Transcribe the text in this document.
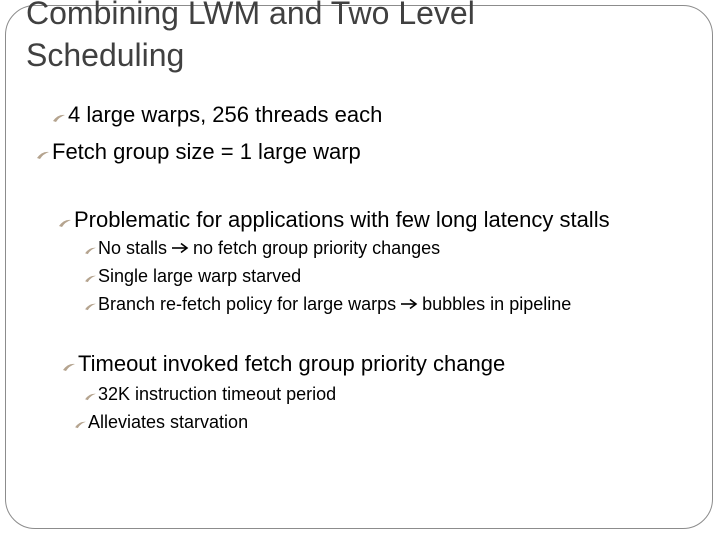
Combining LWM and Two Level
Scheduling
4 large warps, 256 threads each
Fetch group size = 1 large warp
Problematic for applications with few long latency stalls
No stalls no fetch group priority changes
Single large warp starved
Branch re-fetch policy for large warps bubbles in pipeline
Timeout invoked fetch group priority change
32K instruction timeout period
Alleviates starvation
